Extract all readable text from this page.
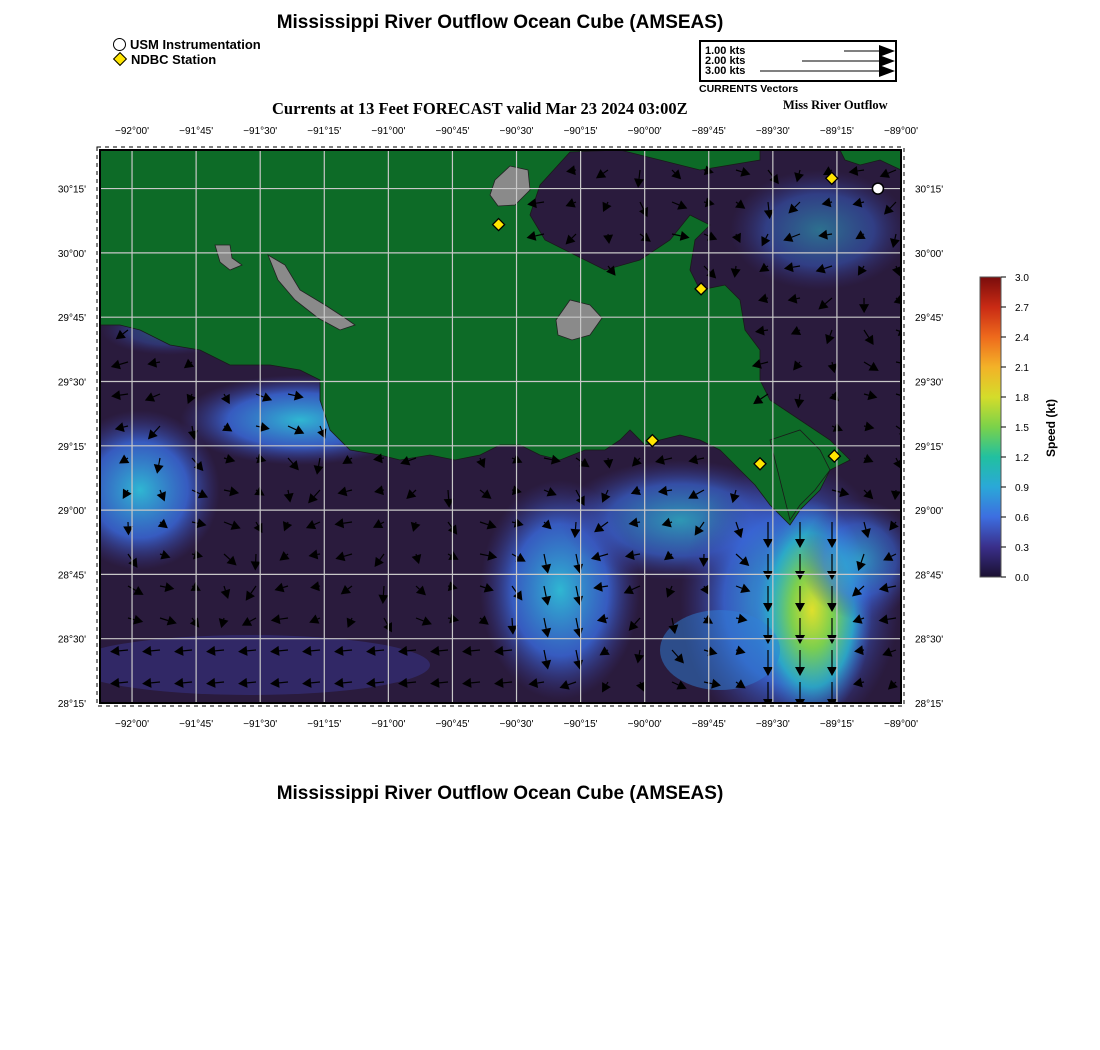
Mississippi River Outflow Ocean Cube (AMSEAS)
USM Instrumentation
NDBC Station
1.00 kts
2.00 kts
3.00 kts
CURRENTS Vectors
Currents at 13 Feet FORECAST valid Mar 23 2024 03:00Z	Miss River Outflow
−92°00'	−91°45'	−91°30'	−91°15'	−91°00'	−90°45'	−90°30'	−90°15'	−90°00'	−89°45'	−89°30'	−89°15'	−89°00'
−92°00'	−91°45'	−91°30'	−91°15'	−91°00'	−90°45'	−90°30'	−90°15'	−90°00'	−89°45'	−89°30'	−89°15'	−89°00'
30°15'
30°00'
29°45'
29°30'
29°15'
29°00'
28°45'
28°30'
28°15'
30°15'
30°00'
29°45'
29°30'
29°15'
29°00'
28°45'
28°30'
28°15'
3.0
2.7
2.4
2.1
1.8
1.5
1.2
0.9
0.6
0.3
0.0
Speed (kt)
Mississippi River Outflow Ocean Cube (AMSEAS)
